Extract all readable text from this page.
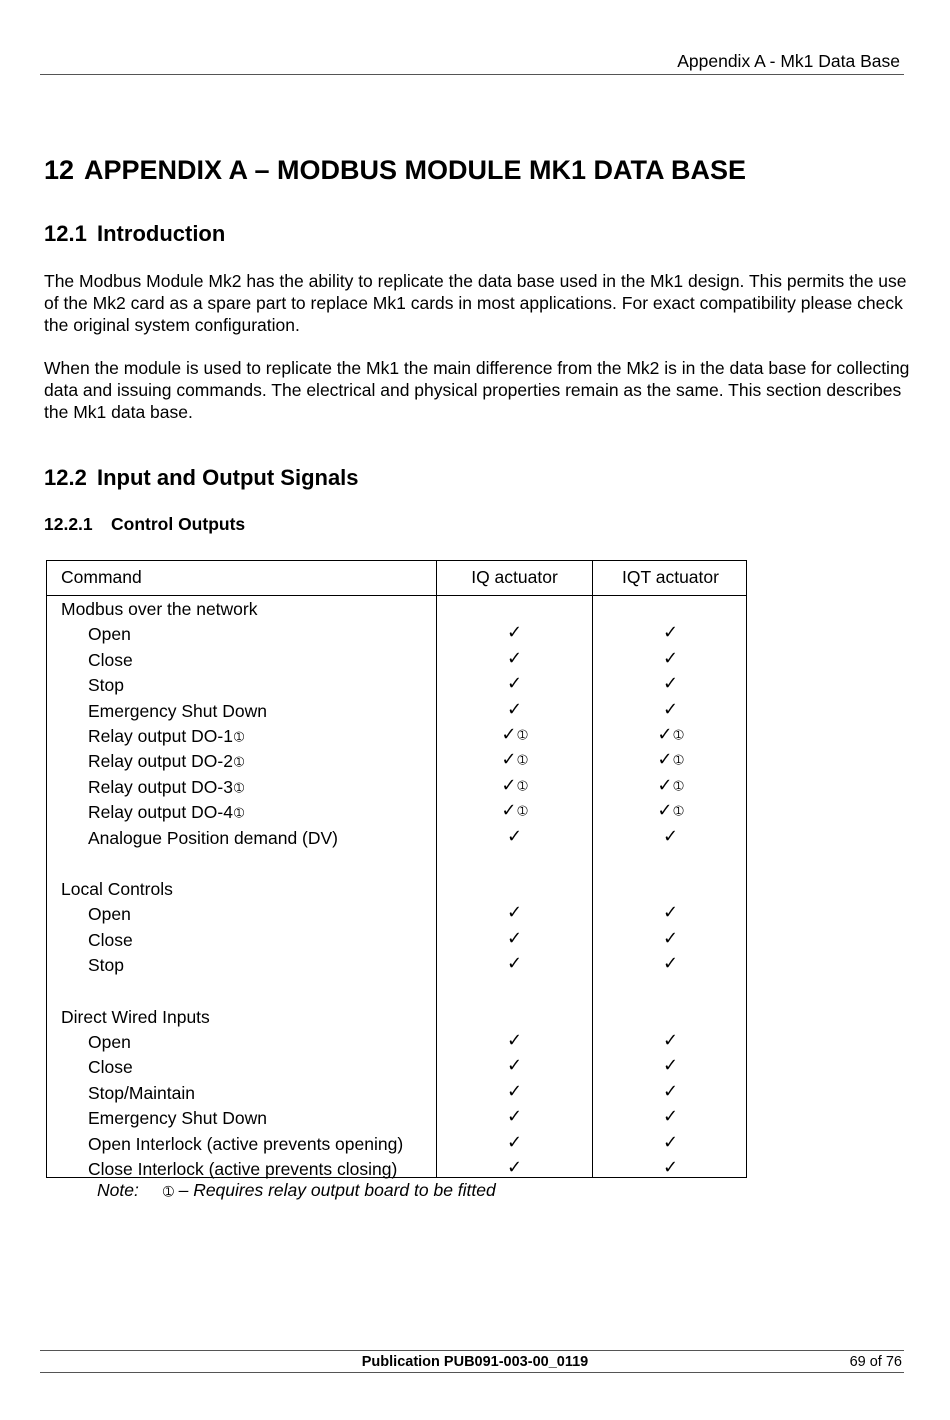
Appendix A - Mk1 Data Base
12 APPENDIX A – MODBUS MODULE MK1 DATA BASE
12.1 Introduction

The Modbus Module Mk2 has the ability to replicate the data base used in the Mk1 design. This permits the use of the Mk2 card as a spare part to replace Mk1 cards in most applications. For exact compatibility please check the original system configuration.

When the module is used to replicate the Mk1 the main difference from the Mk2 is in the data base for collecting data and issuing commands. The electrical and physical properties remain as the same. This section describes the Mk1 data base.

12.2 Input and Output Signals
12.2.1 Control Outputs
Command	IQ actuator	IQT actuator
Modbus over the network
Open	✓	✓
Close	✓	✓
Stop	✓	✓
Emergency Shut Down	✓	✓
Relay output DO-1➀	✓➀	✓➀
Relay output DO-2➀	✓➀	✓➀
Relay output DO-3➀	✓➀	✓➀
Relay output DO-4➀	✓➀	✓➀
Analogue Position demand (DV)	✓	✓
Local Controls
Open	✓	✓
Close	✓	✓
Stop	✓	✓
Direct Wired Inputs
Open	✓	✓
Close	✓	✓
Stop/Maintain	✓	✓
Emergency Shut Down	✓	✓
Open Interlock (active prevents opening)	✓	✓
Close Interlock (active prevents closing)	✓	✓
Note: ➀ – Requires relay output board to be fitted
Publication PUB091-003-00_0119	69 of 76
